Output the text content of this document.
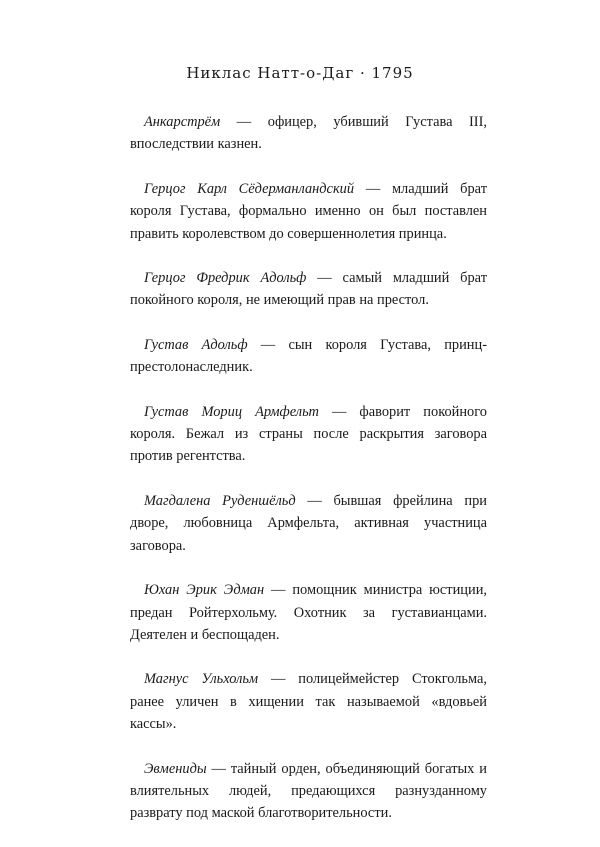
Никлас Натт-о-Даг · 1795

Анкарстрём — офицер, убивший Густава III, впоследствии казнен.

Герцог Карл Сёдерманландский — младший брат короля Густава, формально именно он был поставлен править королевством до совершеннолетия принца.

Герцог Фредрик Адольф — самый младший брат покойного короля, не имеющий прав на престол.

Густав Адольф — сын короля Густава, принц-престолонаследник.

Густав Мориц Армфельт — фаворит покойного короля. Бежал из страны после раскрытия заговора против регентства.

Магдалена Руденшёльд — бывшая фрейлина при дворе, любовница Армфельта, активная участница заговора.

Юхан Эрик Эдман — помощник министра юстиции, предан Ройтерхольму. Охотник за густавианцами. Деятелен и беспощаден.

Магнус Ульхольм — полицеймейстер Стокгольма, ранее уличен в хищении так называемой «вдовьей кассы».

Эвмениды — тайный орден, объединяющий богатых и влиятельных людей, предающихся разнузданному разврату под маской благотворительности.
